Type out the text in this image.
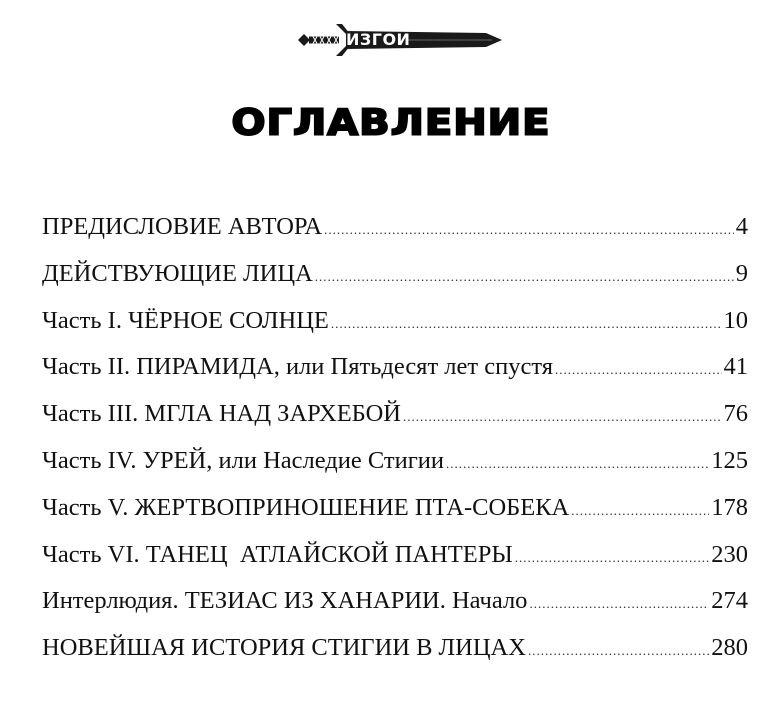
ИЗГОИ
ОГЛАВЛЕНИЕ
ПРЕДИСЛОВИЕ АВТОРА .....	4
ДЕЙСТВУЮЩИЕ ЛИЦА .....	9
Часть I. ЧЁРНОЕ СОЛНЦЕ .....	10
Часть II. ПИРАМИДА, или Пятьдесят лет спустя .....	41
Часть III. МГЛА НАД ЗАРХЕБОЙ .....	76
Часть IV. УРЕЙ, или Наследие Стигии .....	125
Часть V. ЖЕРТВОПРИНОШЕНИЕ ПТА-СОБЕКА .....	178
Часть VI. ТАНЕЦ  АТЛАЙСКОЙ ПАНТЕРЫ .....	230
Интерлюдия. ТЕЗИАС ИЗ ХАНАРИИ. Начало .....	274
НОВЕЙШАЯ ИСТОРИЯ СТИГИИ В ЛИЦАХ .....	280
